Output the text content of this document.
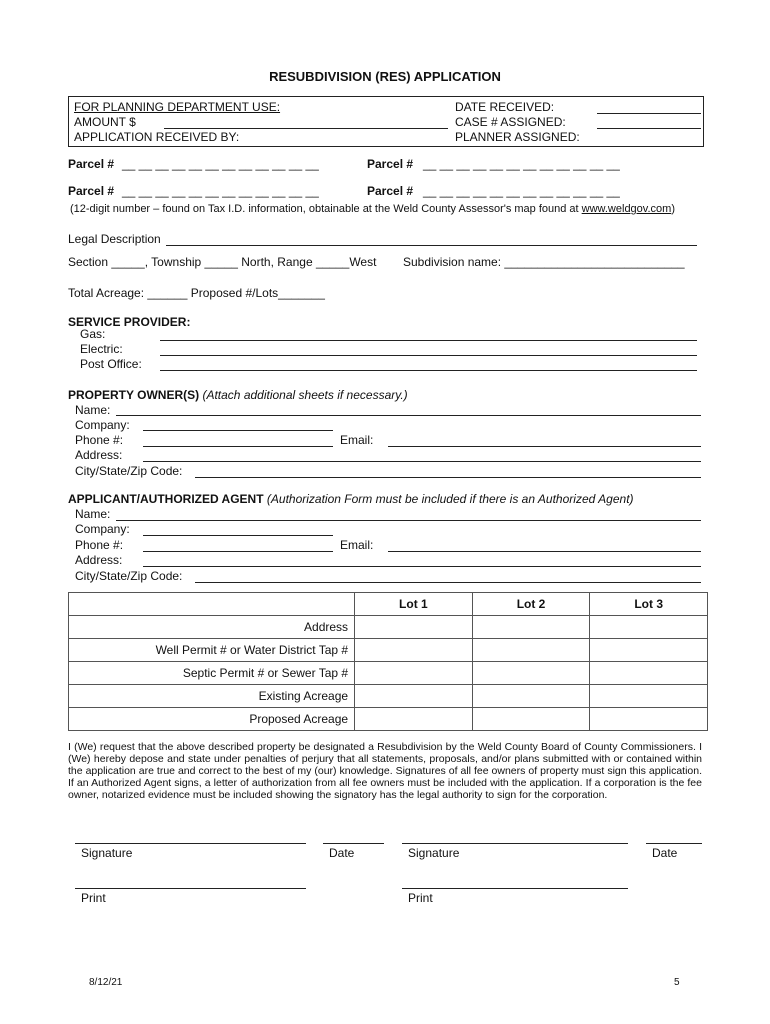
RESUBDIVISION (RES) APPLICATION
FOR PLANNING DEPARTMENT USE:
AMOUNT $
APPLICATION RECEIVED BY:
DATE RECEIVED:
CASE # ASSIGNED:
PLANNER ASSIGNED:
Parcel # __ __ __ __ __ __ __ __ __ __ __ __	Parcel # __ __ __ __ __ __ __ __ __ __ __ __
Parcel # __ __ __ __ __ __ __ __ __ __ __ __	Parcel # __ __ __ __ __ __ __ __ __ __ __ __
(12-digit number – found on Tax I.D. information, obtainable at the Weld County Assessor's map found at www.weldgov.com)
Legal Description
Section _____, Township _____ North, Range _____West Subdivision name: ___________________________
Total Acreage: ______ Proposed #/Lots_______
SERVICE PROVIDER:
Gas:
Electric:
Post Office:
PROPERTY OWNER(S) (Attach additional sheets if necessary.)
Name:
Company:
Phone #:	Email:
Address:
City/State/Zip Code:
APPLICANT/AUTHORIZED AGENT (Authorization Form must be included if there is an Authorized Agent)
Name:
Company:
Phone #:	Email:
Address:
City/State/Zip Code:
	Lot 1	Lot 2	Lot 3
Address			
Well Permit # or Water District Tap #			
Septic Permit # or Sewer Tap #			
Existing Acreage			
Proposed Acreage			
I (We) request that the above described property be designated a Resubdivision by the Weld County Board of County Commissioners. I (We) hereby depose and state under penalties of perjury that all statements, proposals, and/or plans submitted with or contained within the application are true and correct to the best of my (our) knowledge. Signatures of all fee owners of property must sign this application. If an Authorized Agent signs, a letter of authorization from all fee owners must be included with the application. If a corporation is the fee owner, notarized evidence must be included showing the signatory has the legal authority to sign for the corporation.
Signature	Date	Signature	Date
Print	Print
8/12/21	5
